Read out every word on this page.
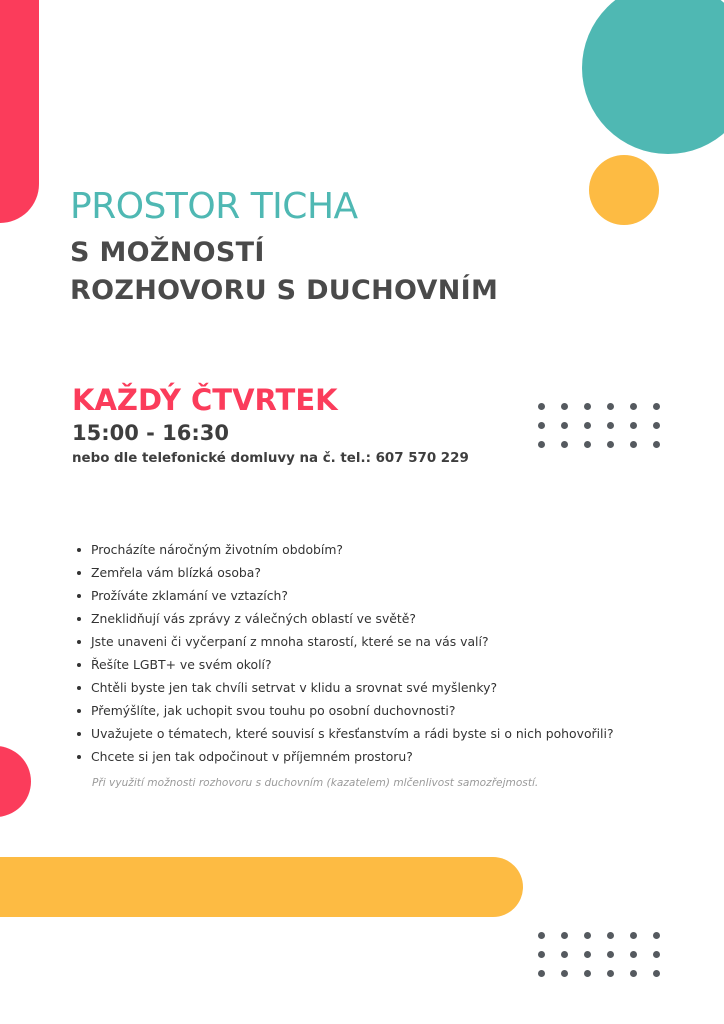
PROSTOR TICHA
S MOŽNOSTÍ
ROZHOVORU S DUCHOVNÍM
KAŽDÝ ČTVRTEK
15:00 - 16:30
nebo dle telefonické domluvy na č. tel.: 607 570 229
Procházíte náročným životním obdobím?
Zemřela vám blízká osoba?
Prožíváte zklamání ve vztazích?
Zneklidňují vás zprávy z válečných oblastí ve světě?
Jste unaveni či vyčerpaní z mnoha starostí, které se na vás valí?
Řešíte LGBT+ ve svém okolí?
Chtěli byste jen tak chvíli setrvat v klidu a srovnat své myšlenky?
Přemýšlíte, jak uchopit svou touhu po osobní duchovnosti?
Uvažujete o tématech, které souvisí s křesťanstvím a rádi byste si o nich pohovořili?
Chcete si jen tak odpočinout v příjemném prostoru?
Při využití možnosti rozhovoru s duchovním (kazatelem) mlčenlivost samozřejmostí.
